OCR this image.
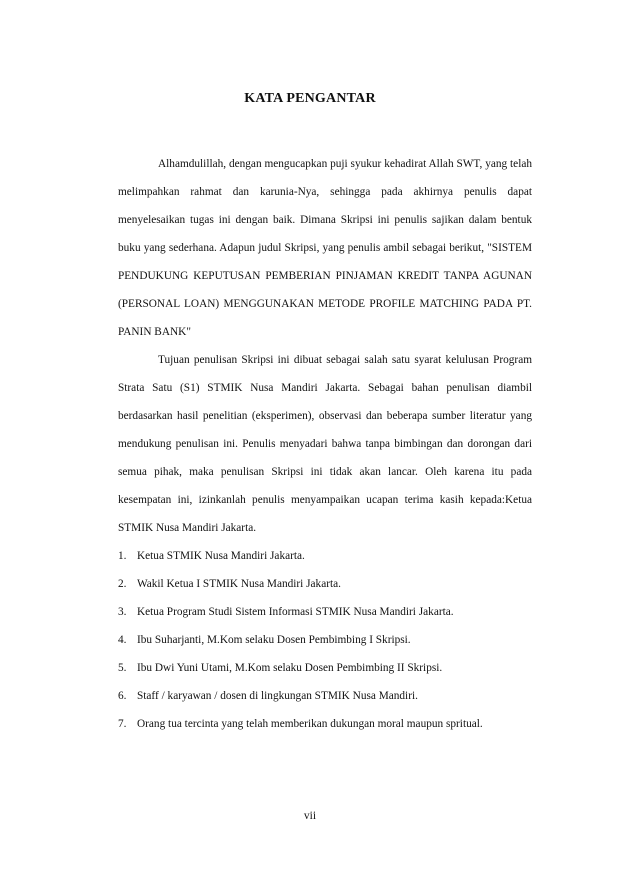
KATA PENGANTAR

Alhamdulillah, dengan mengucapkan puji syukur kehadirat Allah SWT, yang telah melimpahkan rahmat dan karunia-Nya, sehingga pada akhirnya penulis dapat menyelesaikan tugas ini dengan baik. Dimana Skripsi ini penulis sajikan dalam bentuk buku yang sederhana. Adapun judul Skripsi, yang penulis ambil sebagai berikut, "SISTEM PENDUKUNG KEPUTUSAN PEMBERIAN PINJAMAN KREDIT TANPA AGUNAN (PERSONAL LOAN) MENGGUNAKAN METODE PROFILE MATCHING PADA PT. PANIN BANK"

Tujuan penulisan Skripsi ini dibuat sebagai salah satu syarat kelulusan Program Strata Satu (S1) STMIK Nusa Mandiri Jakarta. Sebagai bahan penulisan diambil berdasarkan hasil penelitian (eksperimen), observasi dan beberapa sumber literatur yang mendukung penulisan ini. Penulis menyadari bahwa tanpa bimbingan dan dorongan dari semua pihak, maka penulisan Skripsi ini tidak akan lancar. Oleh karena itu pada kesempatan ini, izinkanlah penulis menyampaikan ucapan terima kasih kepada:Ketua STMIK Nusa Mandiri Jakarta.

1. Ketua STMIK Nusa Mandiri Jakarta.
2. Wakil Ketua I STMIK Nusa Mandiri Jakarta.
3. Ketua Program Studi Sistem Informasi STMIK Nusa Mandiri Jakarta.
4. Ibu Suharjanti, M.Kom selaku Dosen Pembimbing I Skripsi.
5. Ibu Dwi Yuni Utami, M.Kom selaku Dosen Pembimbing II Skripsi.
6. Staff / karyawan / dosen di lingkungan STMIK Nusa Mandiri.
7. Orang tua tercinta yang telah memberikan dukungan moral maupun spritual.
vii
